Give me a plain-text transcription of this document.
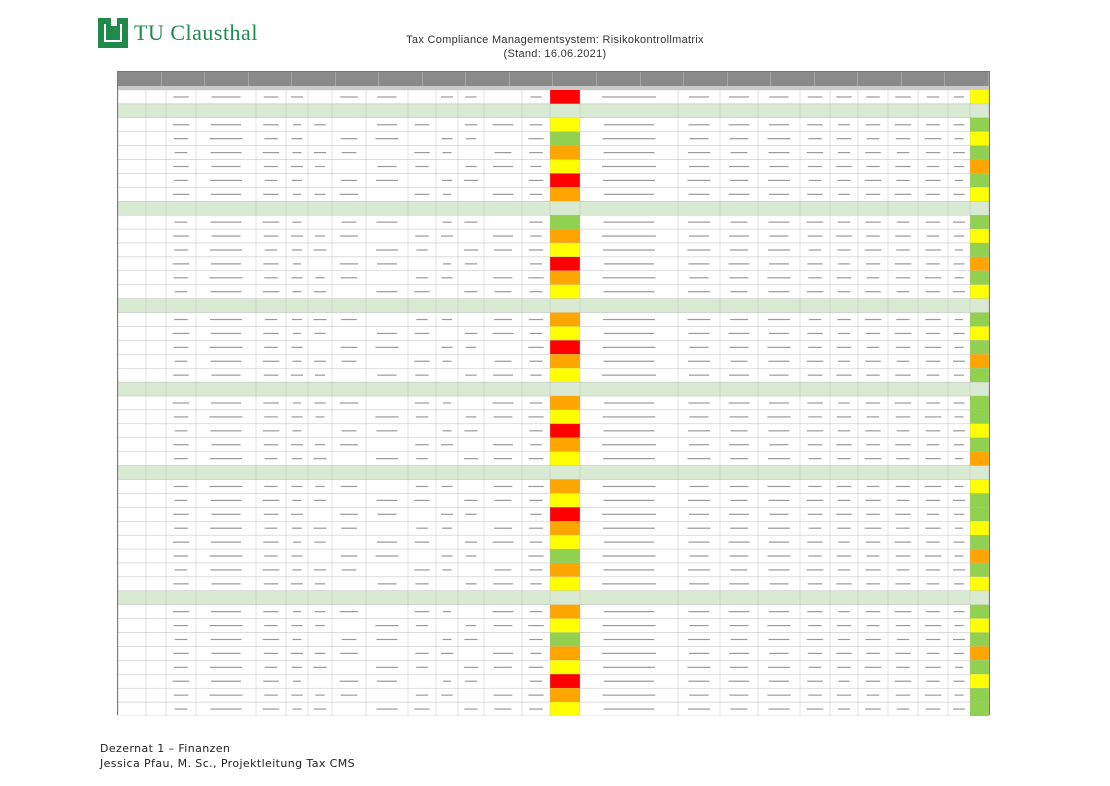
TU Clausthal	Tax Compliance Managementsystem: Risikokontrollmatrix
(Stand: 16.06.2021)
Dezernat 1 – Finanzen
Jessica Pfau, M. Sc., Projektleitung Tax CMS
